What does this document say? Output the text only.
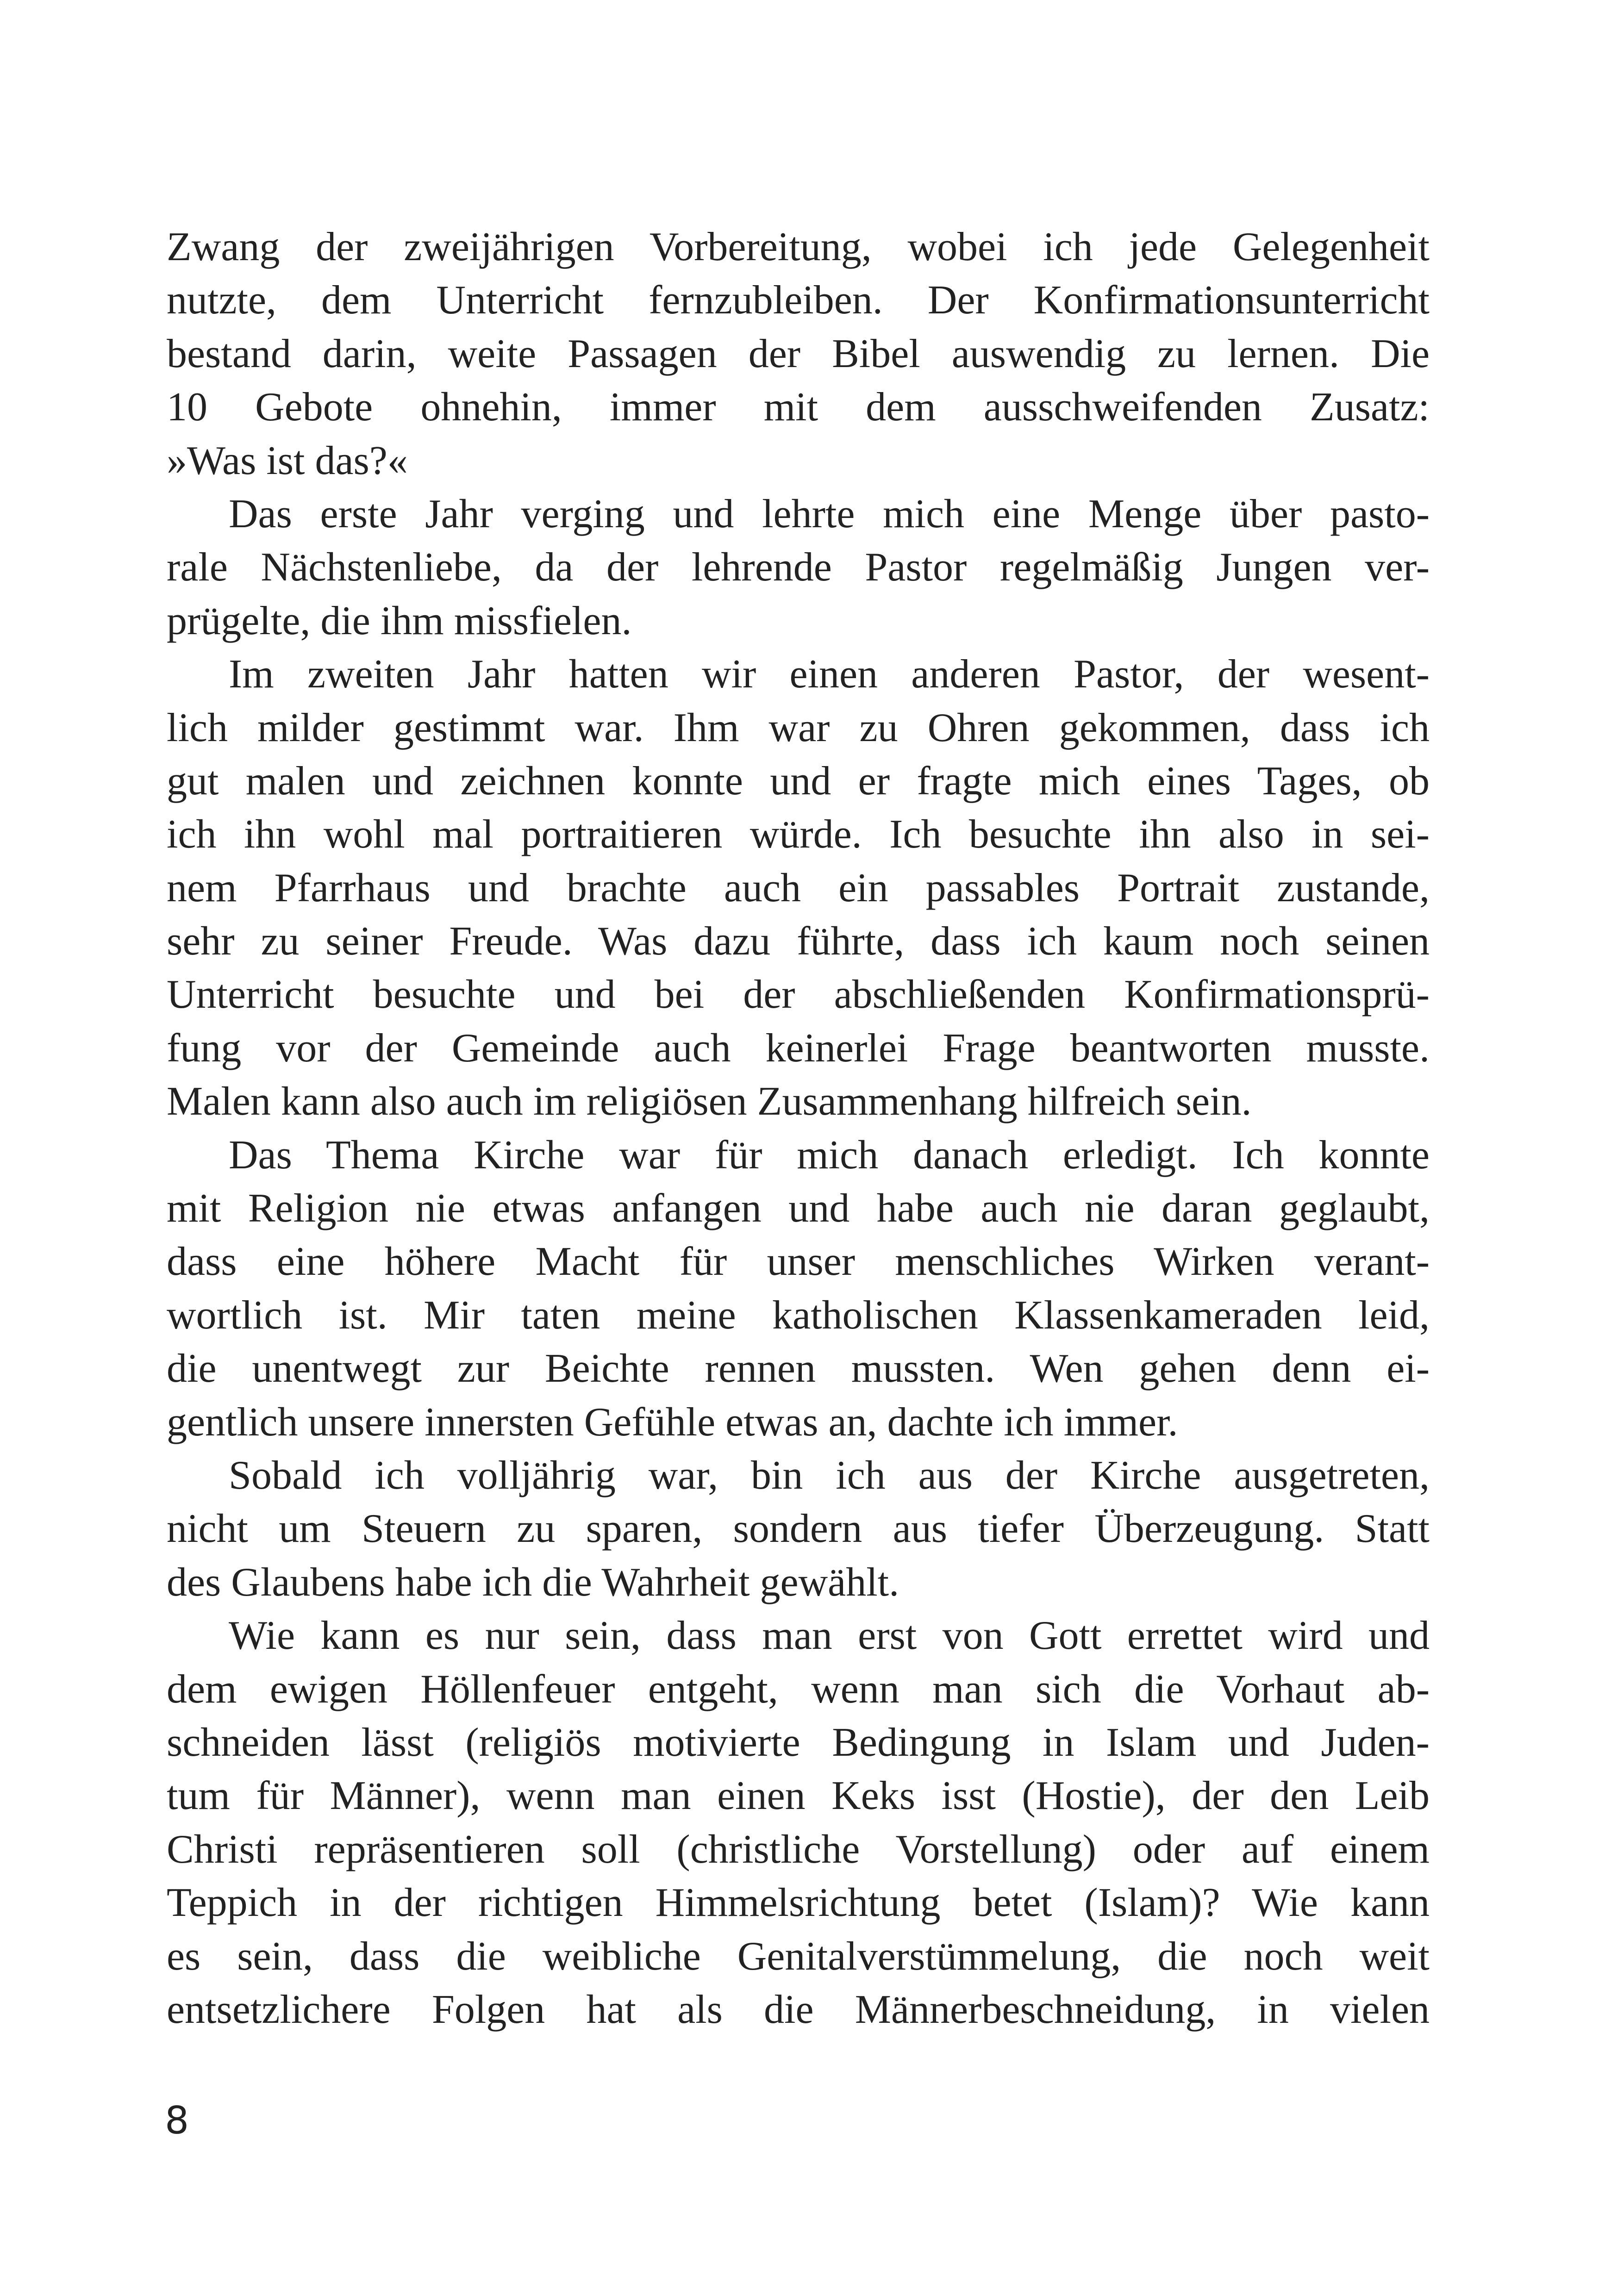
Zwang der zweijährigen Vorbereitung, wobei ich jede Gelegenheit
nutzte, dem Unterricht fernzubleiben. Der Konfirmationsunterricht
bestand darin, weite Passagen der Bibel auswendig zu lernen. Die
10 Gebote ohnehin, immer mit dem ausschweifenden Zusatz:
»Was ist das?«
Das erste Jahr verging und lehrte mich eine Menge über pasto-
rale Nächstenliebe, da der lehrende Pastor regelmäßig Jungen ver-
prügelte, die ihm missfielen.
Im zweiten Jahr hatten wir einen anderen Pastor, der wesent-
lich milder gestimmt war. Ihm war zu Ohren gekommen, dass ich
gut malen und zeichnen konnte und er fragte mich eines Tages, ob
ich ihn wohl mal portraitieren würde. Ich besuchte ihn also in sei-
nem Pfarrhaus und brachte auch ein passables Portrait zustande,
sehr zu seiner Freude. Was dazu führte, dass ich kaum noch seinen
Unterricht besuchte und bei der abschließenden Konfirmationsprü-
fung vor der Gemeinde auch keinerlei Frage beantworten musste.
Malen kann also auch im religiösen Zusammenhang hilfreich sein.
Das Thema Kirche war für mich danach erledigt. Ich konnte
mit Religion nie etwas anfangen und habe auch nie daran geglaubt,
dass eine höhere Macht für unser menschliches Wirken verant-
wortlich ist. Mir taten meine katholischen Klassenkameraden leid,
die unentwegt zur Beichte rennen mussten. Wen gehen denn ei-
gentlich unsere innersten Gefühle etwas an, dachte ich immer.
Sobald ich volljährig war, bin ich aus der Kirche ausgetreten,
nicht um Steuern zu sparen, sondern aus tiefer Überzeugung. Statt
des Glaubens habe ich die Wahrheit gewählt.
Wie kann es nur sein, dass man erst von Gott errettet wird und
dem ewigen Höllenfeuer entgeht, wenn man sich die Vorhaut ab-
schneiden lässt (religiös motivierte Bedingung in Islam und Juden-
tum für Männer), wenn man einen Keks isst (Hostie), der den Leib
Christi repräsentieren soll (christliche Vorstellung) oder auf einem
Teppich in der richtigen Himmelsrichtung betet (Islam)? Wie kann
es sein, dass die weibliche Genitalverstümmelung, die noch weit
entsetzlichere Folgen hat als die Männerbeschneidung, in vielen
8
